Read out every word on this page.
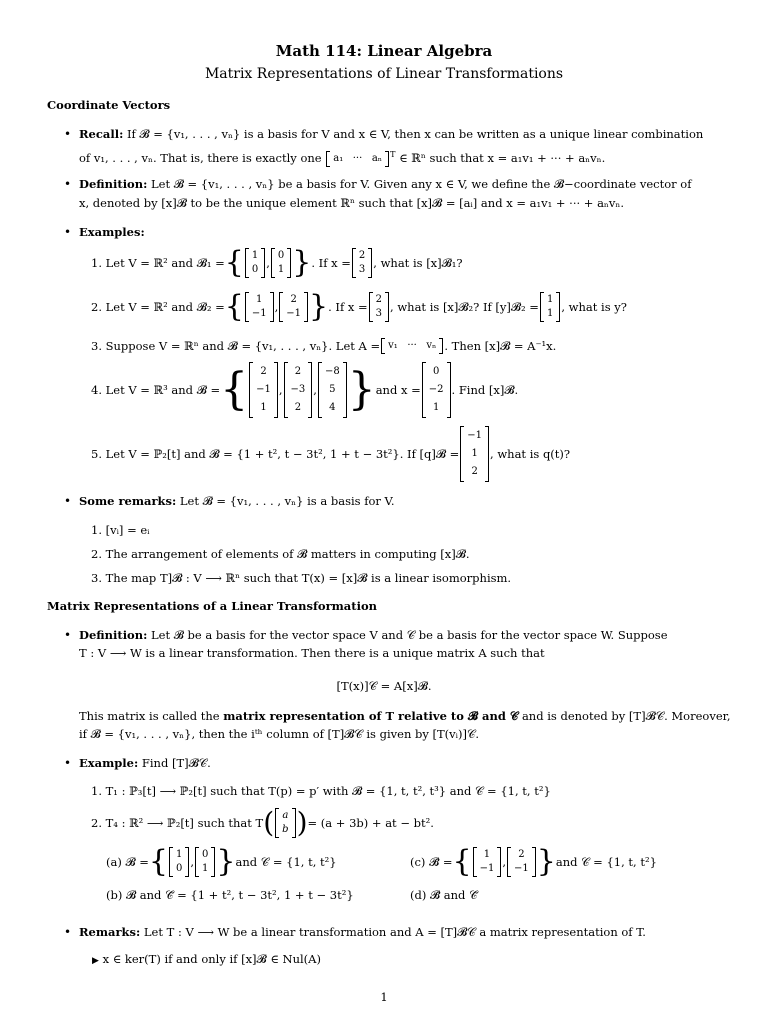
Math 114: Linear Algebra
Matrix Representations of Linear Transformations
Coordinate Vectors
• Recall: If 𝓑 = {v₁, . . . , vₙ} is a basis for V and x ∈ V, then x can be written as a unique linear combination
of v₁, . . . , vₙ. That is, there is exactly one	a₁   ···   aₙ	$^T$ ∈ ℝⁿ such that x = a₁v₁ + ··· + aₙvₙ.
• Definition: Let 𝓑 = {v₁, . . . , vₙ} be a basis for V. Given any x ∈ V, we define the 𝓑−coordinate vector of
x, denoted by [x]𝓑 to be the unique element ℝⁿ such that [x]𝓑 = [aᵢ] and x = a₁v₁ + ··· + aₙvₙ.
• Examples:
1. Let V = ℝ² and 𝓑₁ = { 1
0 ,
0
1 } . If x =
2
3 , what is [x]𝓑₁?
2. Let V = ℝ² and 𝓑₂ = {	1
−1 ,
2
−1 } . If x =
2
3 , what is [x]𝓑₂? If [y]𝓑₂ = 1
1 , what is y?
3. Suppose V = ℝⁿ and 𝓑 = {v₁, . . . , vₙ}. Let A = v₁   ···   vₙ . Then [x]𝓑 = A⁻¹x.
4. Let V = ℝ³ and 𝓑 = {	2
−1
1
,
2
−3
2
,
−8
5
4 } and x =
0
−2
1
. Find [x]𝓑.
5. Let V = ℙ₂[t] and 𝓑 = {1 + t², t − 3t², 1 + t − 3t²}. If [q]𝓑 =
−1
1
2
, what is q(t)?
• Some remarks: Let 𝓑 = {v₁, . . . , vₙ} is a basis for V.
1. [vᵢ] = eᵢ
2. The arrangement of elements of 𝓑 matters in computing [x]𝓑.
3. The map T]𝓑 : V ⟶ ℝⁿ such that T(x) = [x]𝓑 is a linear isomorphism.
Matrix Representations of a Linear Transformation
• Definition: Let 𝓑 be a basis for the vector space V and 𝒞 be a basis for the vector space W. Suppose
T : V ⟶ W is a linear transformation. Then there is a unique matrix A such that
[T(x)]𝒞 = A[x]𝓑.
This matrix is called the matrix representation of T relative to 𝓑 and 𝒞 and is denoted by [T]𝓑𝒞. Moreover,
if 𝓑 = {v₁, . . . , vₙ}, then the iᵗʰ column of [T]𝓑𝒞 is given by [T(vᵢ)]𝒞.
• Example: Find [T]𝓑𝒞.
1. T₁ : ℙ₃[t] ⟶ ℙ₂[t] such that T(p) = p′ with 𝓑 = {1, t, t², t³} and 𝒞 = {1, t, t²}
2. T₄ : ℝ² ⟶ ℙ₂[t] such that T ( a
b ) = (a + 3b) + at − bt².
(a) 𝓑 = { 1
0 ,
0
1 } and 𝒞 = {1, t, t²}	(c) 𝓑̃ = {	1
−1 ,
2
−1 } and 𝒞 = {1, t, t²}
(b) 𝓑 and 𝒞̃ = {1 + t², t − 3t², 1 + t − 3t²}	(d) 𝓑̃ and 𝒞̃
• Remarks: Let T : V ⟶ W be a linear transformation and A = [T]𝓑𝒞 a matrix representation of T.
▶ x ∈ ker(T) if and only if [x]𝓑 ∈ Nul(A)
1
